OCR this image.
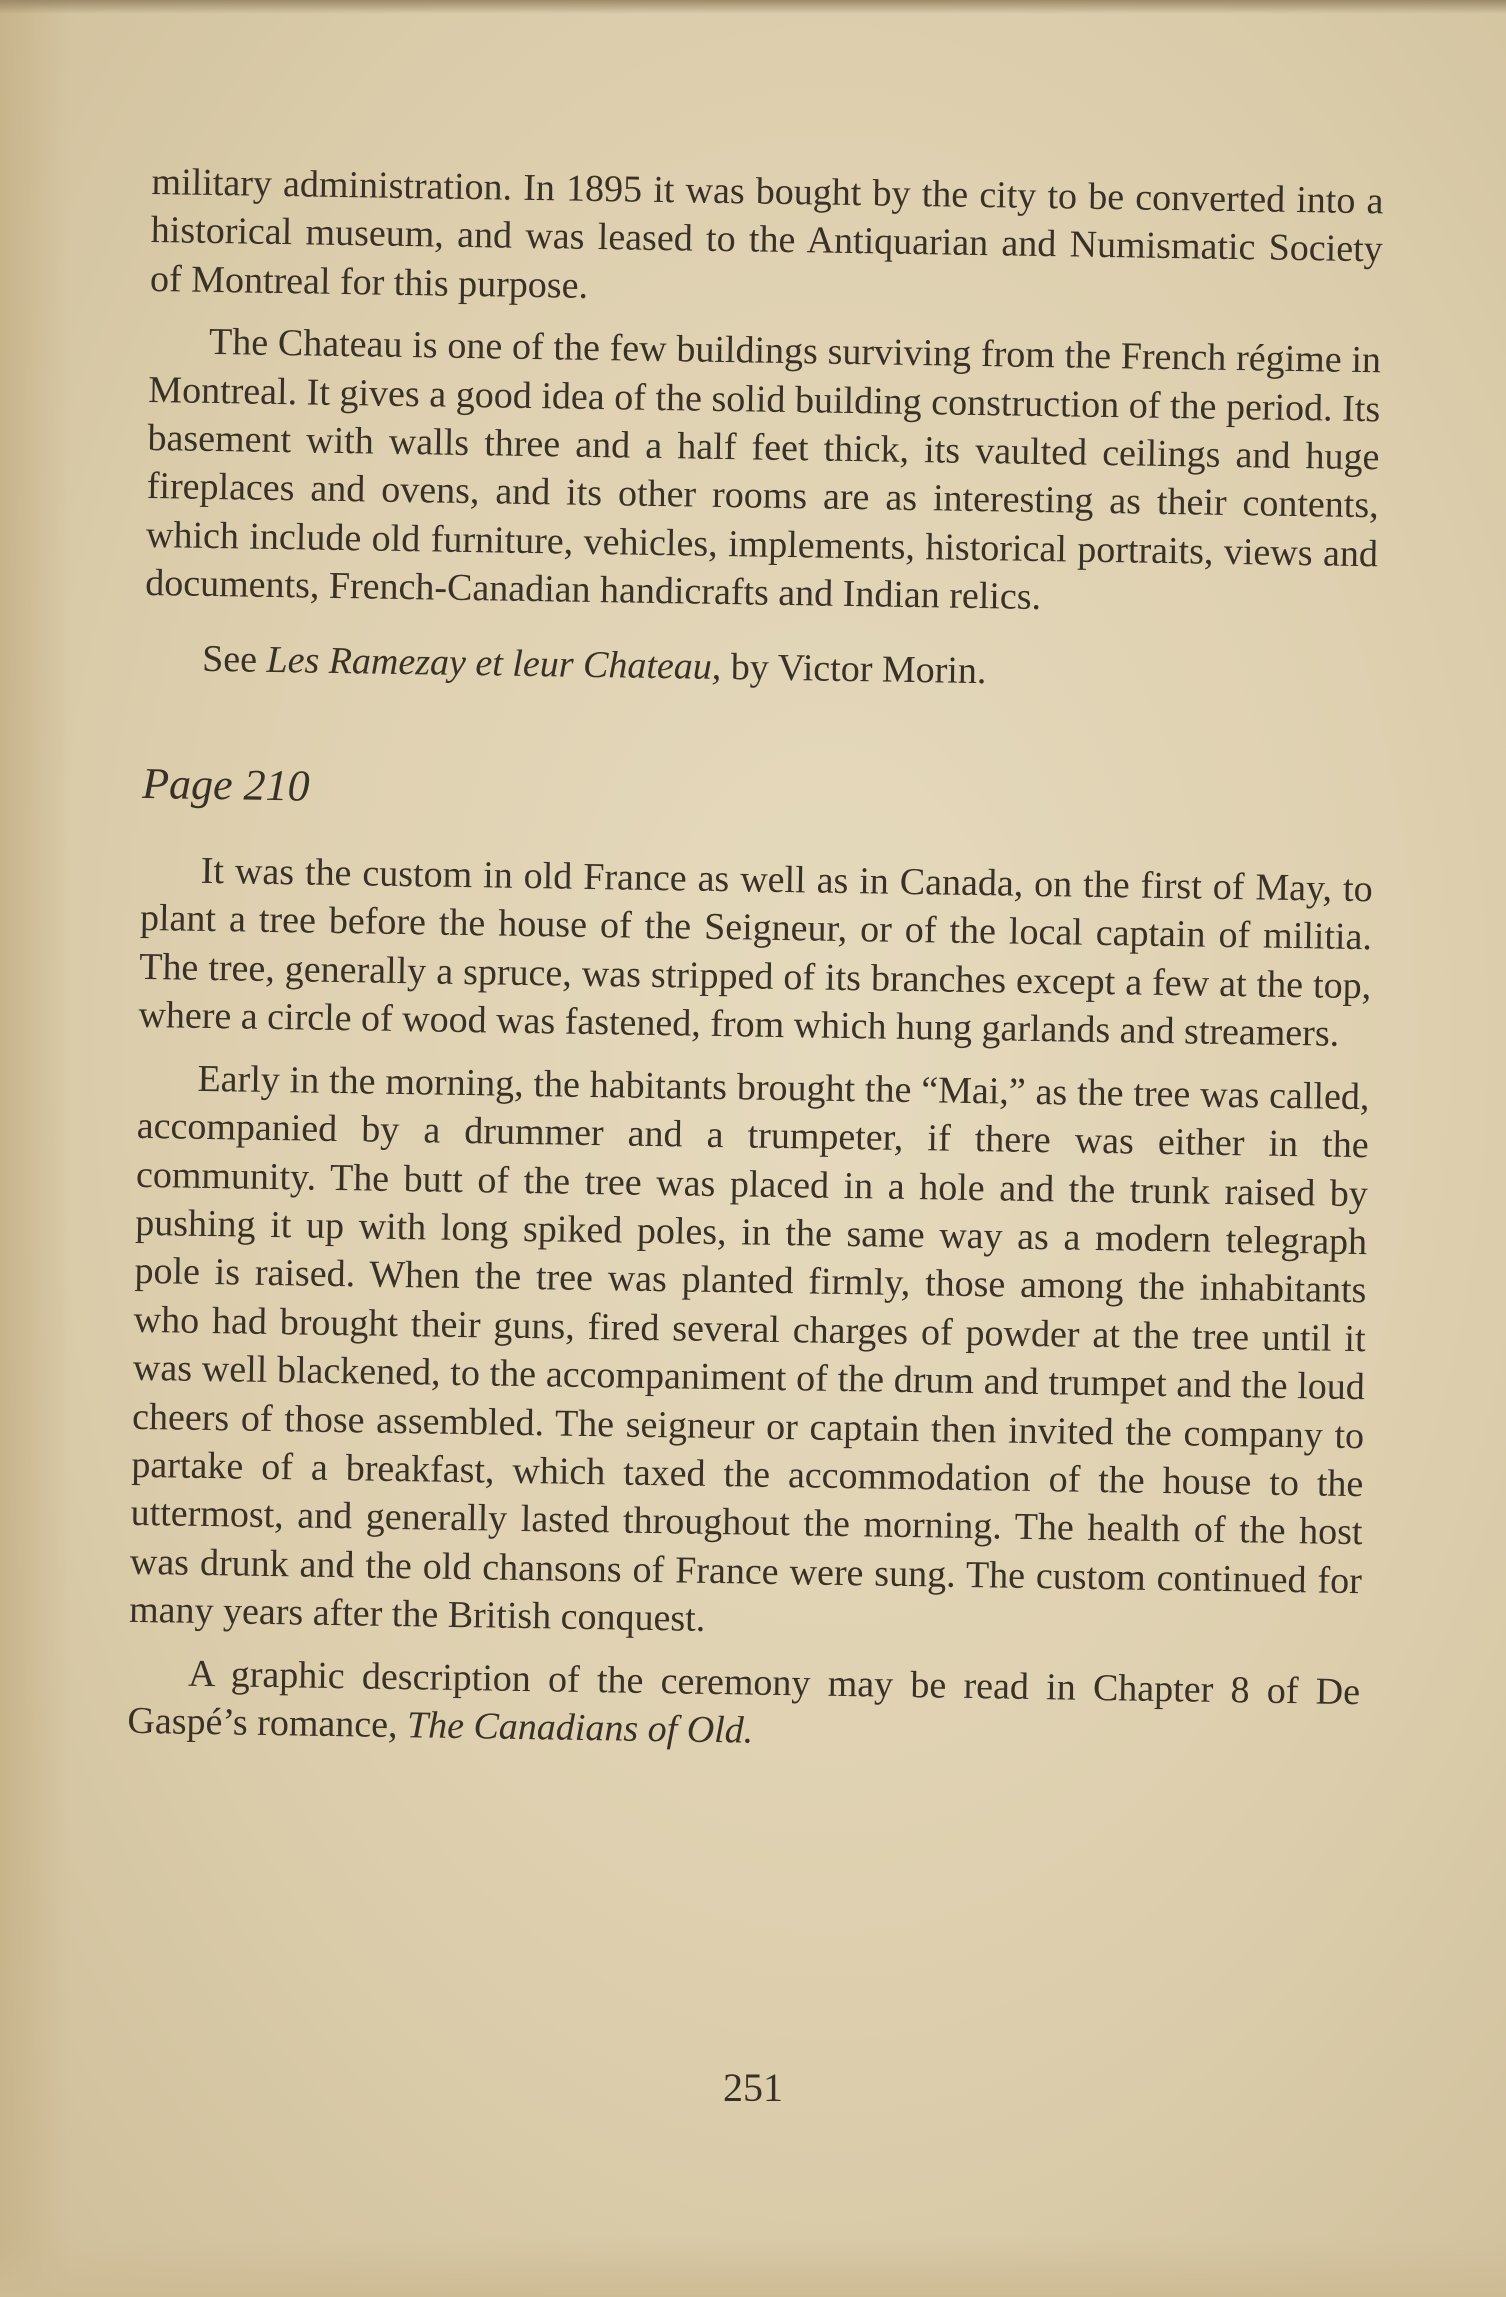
military administration. In 1895 it was bought by the city to be converted into a historical museum, and was leased to the Antiquarian and Numismatic Society of Montreal for this purpose.

The Chateau is one of the few buildings surviving from the French régime in Montreal. It gives a good idea of the solid building construction of the period. Its basement with walls three and a half feet thick, its vaulted ceilings and huge fireplaces and ovens, and its other rooms are as interesting as their contents, which include old furniture, vehicles, implements, historical portraits, views and documents, French-Canadian handicrafts and Indian relics.

See Les Ramezay et leur Chateau, by Victor Morin.

Page 210

It was the custom in old France as well as in Canada, on the first of May, to plant a tree before the house of the Seigneur, or of the local captain of militia. The tree, generally a spruce, was stripped of its branches except a few at the top, where a circle of wood was fastened, from which hung garlands and streamers.

Early in the morning, the habitants brought the “Mai,” as the tree was called, accompanied by a drummer and a trumpeter, if there was either in the community. The butt of the tree was placed in a hole and the trunk raised by pushing it up with long spiked poles, in the same way as a modern telegraph pole is raised. When the tree was planted firmly, those among the inhabitants who had brought their guns, fired several charges of powder at the tree until it was well blackened, to the accompaniment of the drum and trumpet and the loud cheers of those assembled. The seigneur or captain then invited the company to partake of a breakfast, which taxed the accommodation of the house to the uttermost, and generally lasted throughout the morning. The health of the host was drunk and the old chansons of France were sung. The custom continued for many years after the British conquest.

A graphic description of the ceremony may be read in Chapter 8 of De Gaspé’s romance, The Canadians of Old.

251
